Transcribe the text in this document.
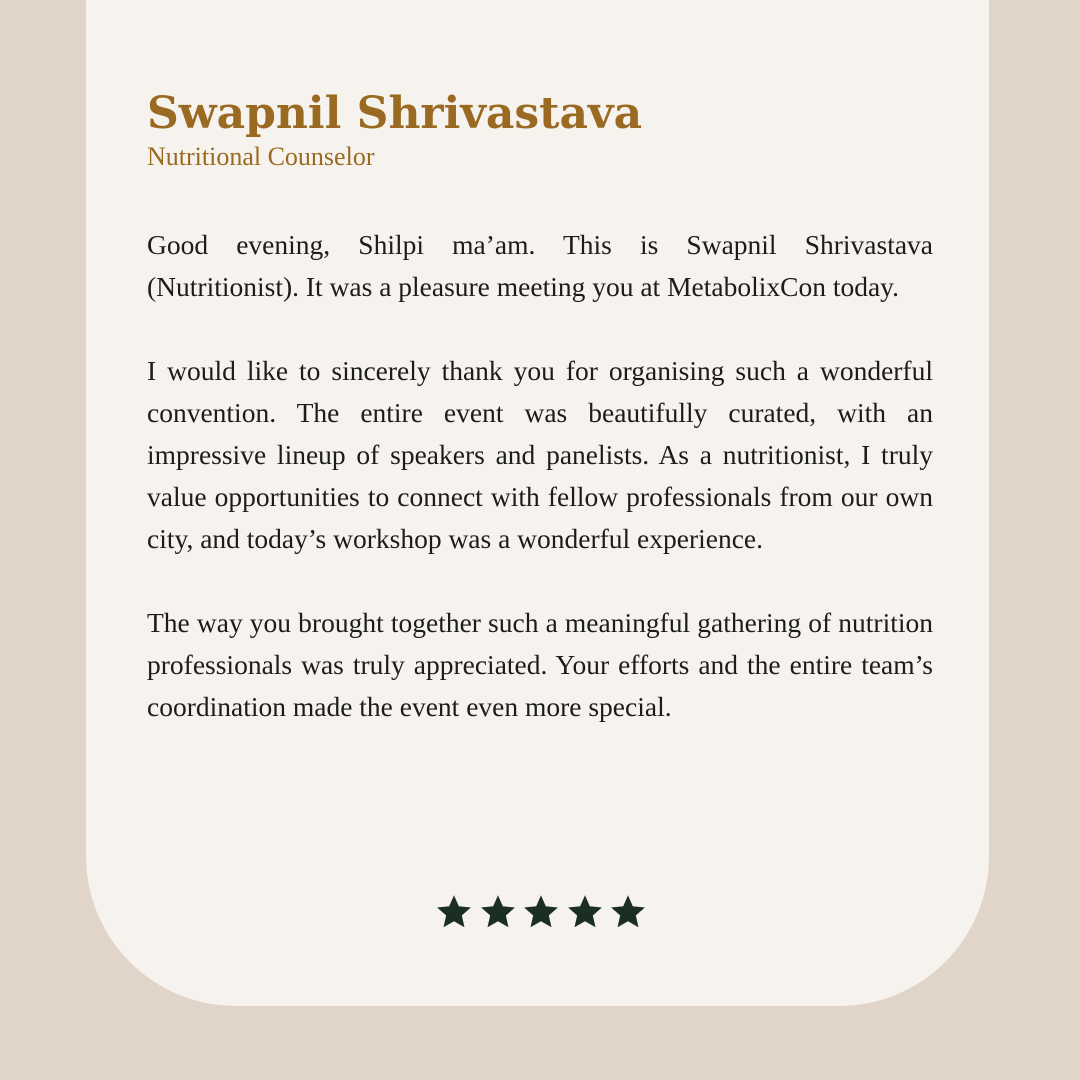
Swapnil Shrivastava
Nutritional Counselor

Good evening, Shilpi ma’am. This is Swapnil Shrivastava (Nutritionist). It was a pleasure meeting you at MetabolixCon today.

I would like to sincerely thank you for organising such a wonderful convention. The entire event was beautifully curated, with an impressive lineup of speakers and panelists. As a nutritionist, I truly value opportunities to connect with fellow professionals from our own city, and today’s workshop was a wonderful experience.

The way you brought together such a meaningful gathering of nutrition professionals was truly appreciated. Your efforts and the entire team’s coordination made the event even more special.
